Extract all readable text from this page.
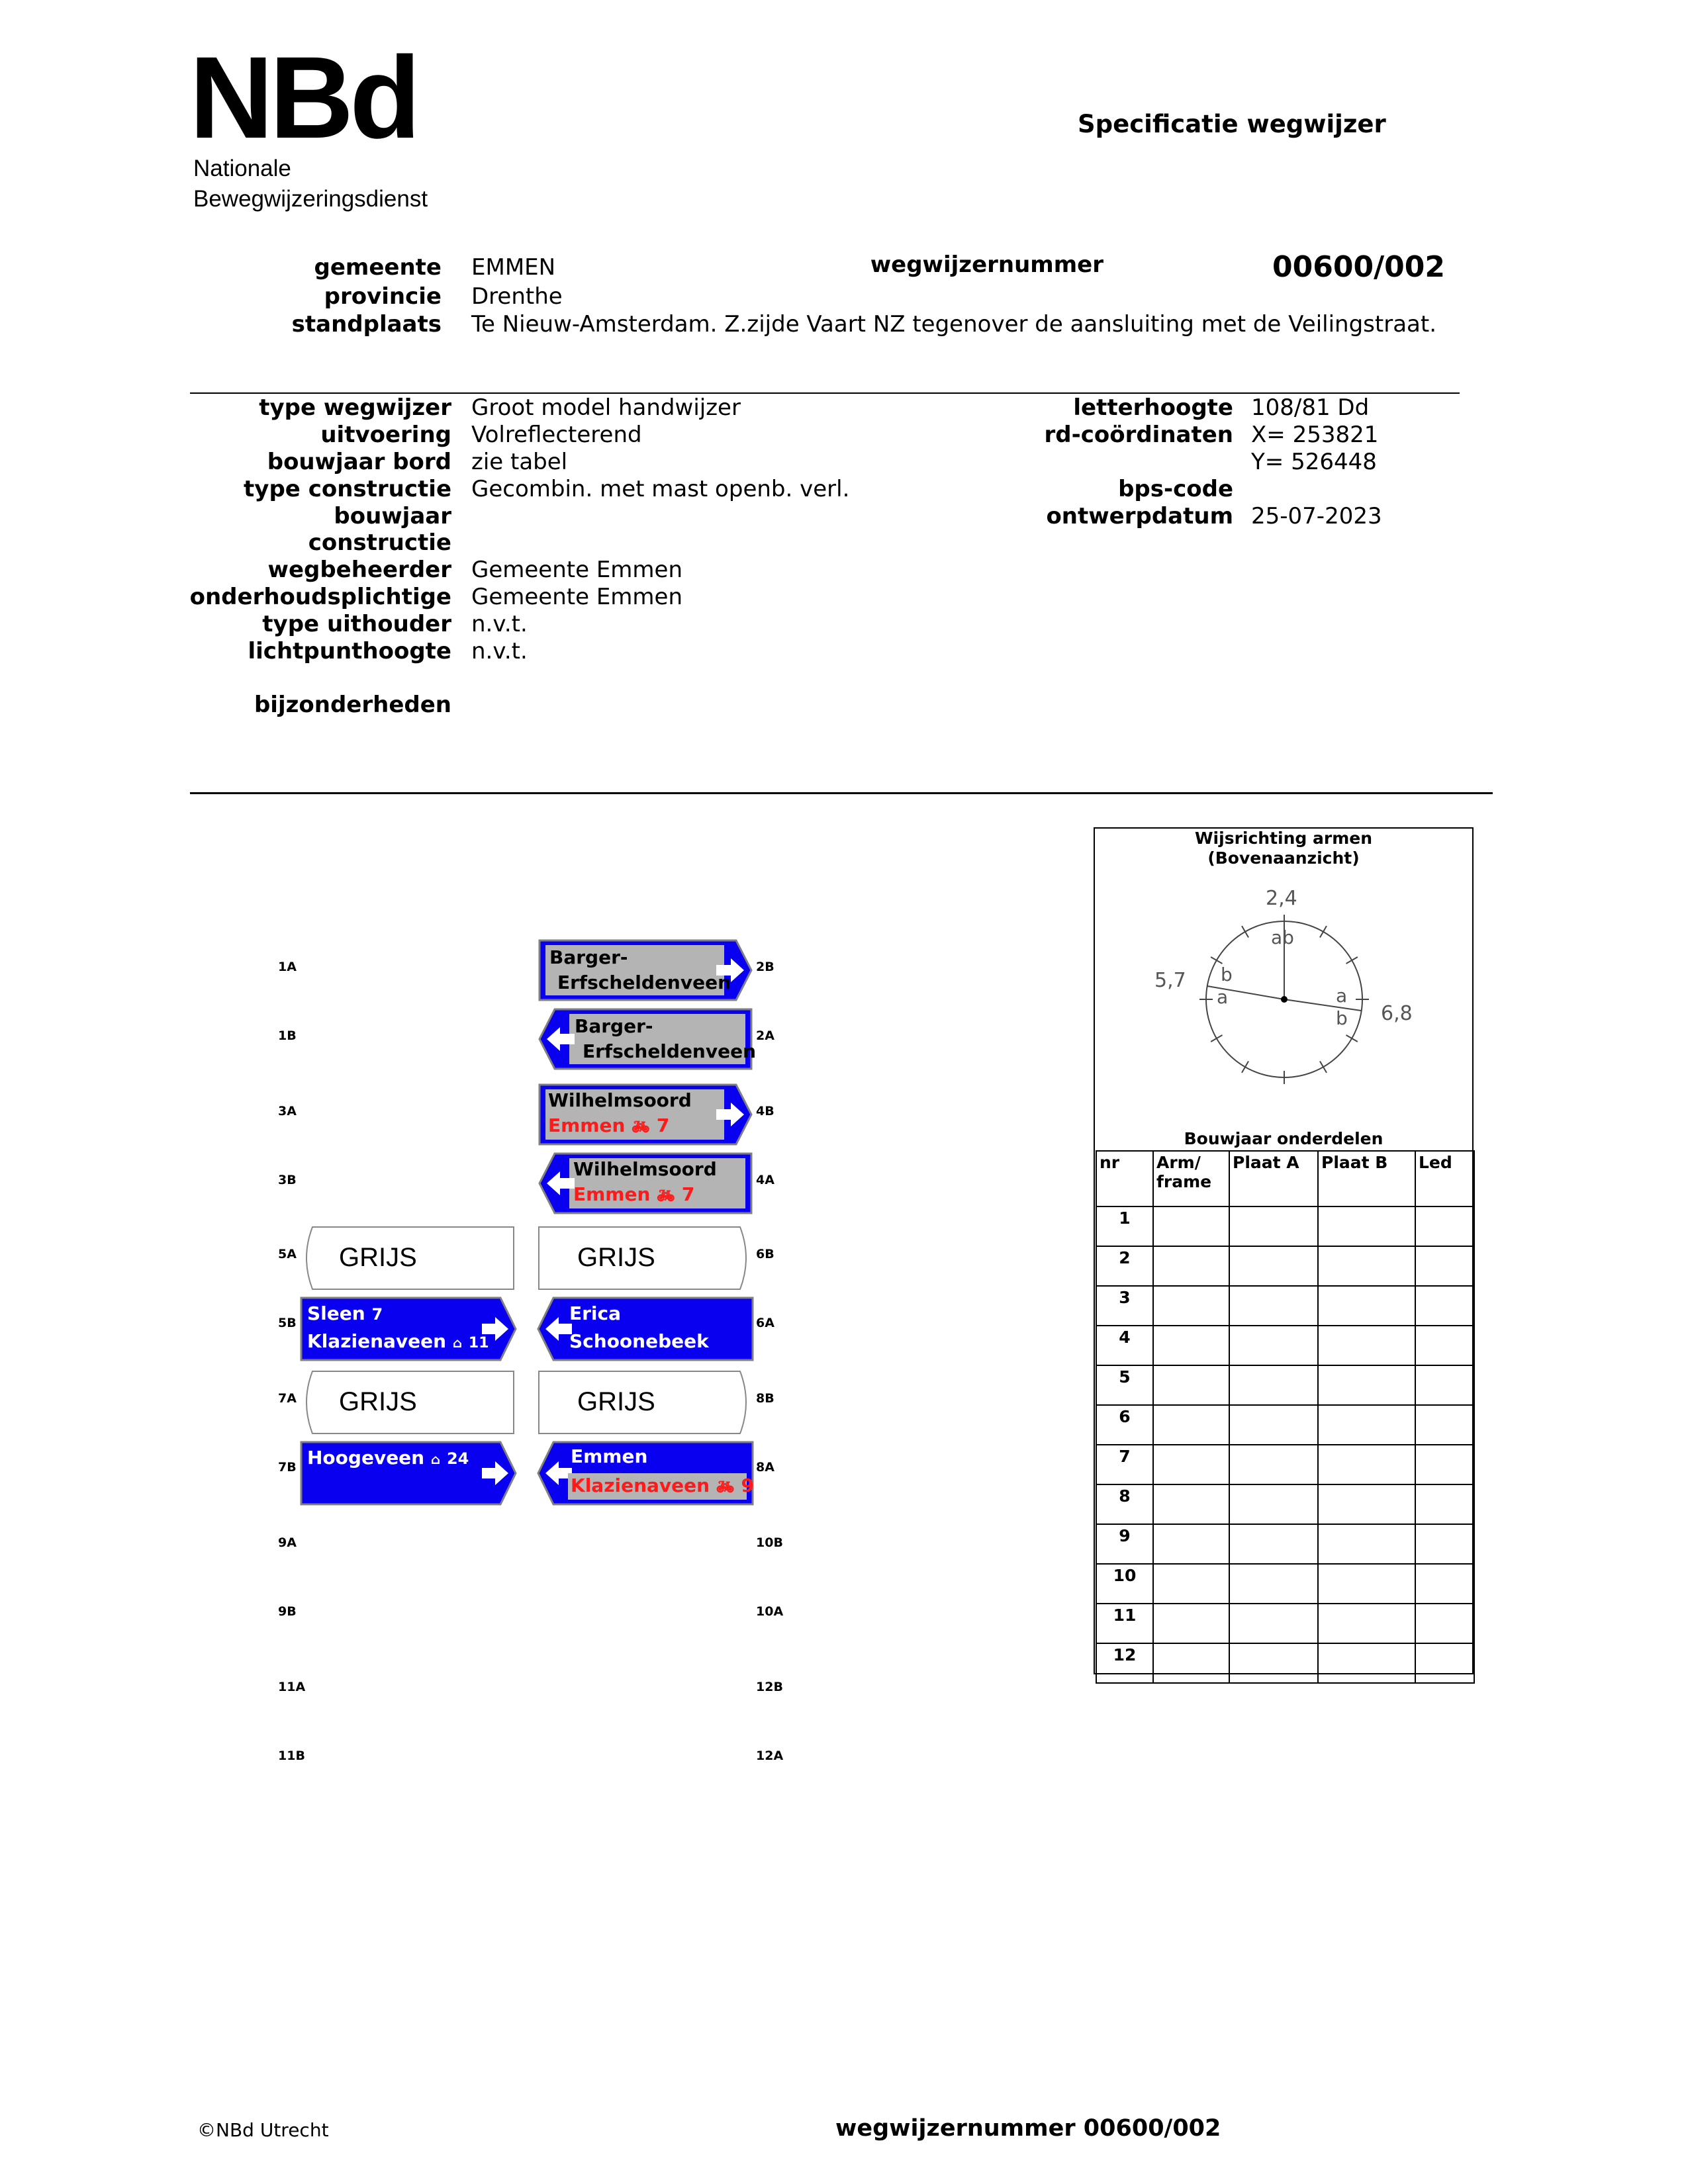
NBd
Nationale
Bewegwijzeringsdienst
Specificatie wegwijzer
gemeente EMMEN	wegwijzernummer	00600/002
provincie Drenthe
standplaats Te Nieuw-Amsterdam. Z.zijde Vaart NZ tegenover de aansluiting met de Veilingstraat.
type wegwijzer Groot model handwijzer
uitvoering Volreflecterend
bouwjaar bord zie tabel
type constructie Gecombin. met mast openb. verl.
bouwjaar
constructie
wegbeheerder Gemeente Emmen
onderhoudsplichtige Gemeente Emmen
type uithouder n.v.t.
lichtpunthoogte n.v.t.
bijzonderheden
letterhoogte 108/81 Dd
rd-coördinaten X= 253821
Y= 526448
bps-code
ontwerpdatum 25-07-2023
1A
1B
3A
3B
5A
5B
7A
7B
9A
9B
11A
11B
2B
2A
4B
4A
6B
6A
8B
8A
10B
10A
12B
12A
Barger-
Erfscheldenveen
Barger-
Erfscheldenveen
Wilhelmsoord
Emmen 🚲︎ 7
Wilhelmsoord
Emmen 🚲︎ 7
GRIJS	GRIJS
Sleen 7
Klazienaveen ⌂ 11
Erica
Schoonebeek
GRIJS	GRIJS
Hoogeveen ⌂ 24	Emmen
Klazienaveen 🚲︎ 9
Wijsrichting armen
(Bovenaanzicht)
2,4
ab
5,7 b
a	a
b 6,8
Bouwjaar onderdelen
nr	Arm/ frame	Plaat A	Plaat B	Led
1				
2				
3				
4				
5				
6				
7				
8				
9				
10				
11				
12				
©NBd Utrecht	wegwijzernummer 00600/002
